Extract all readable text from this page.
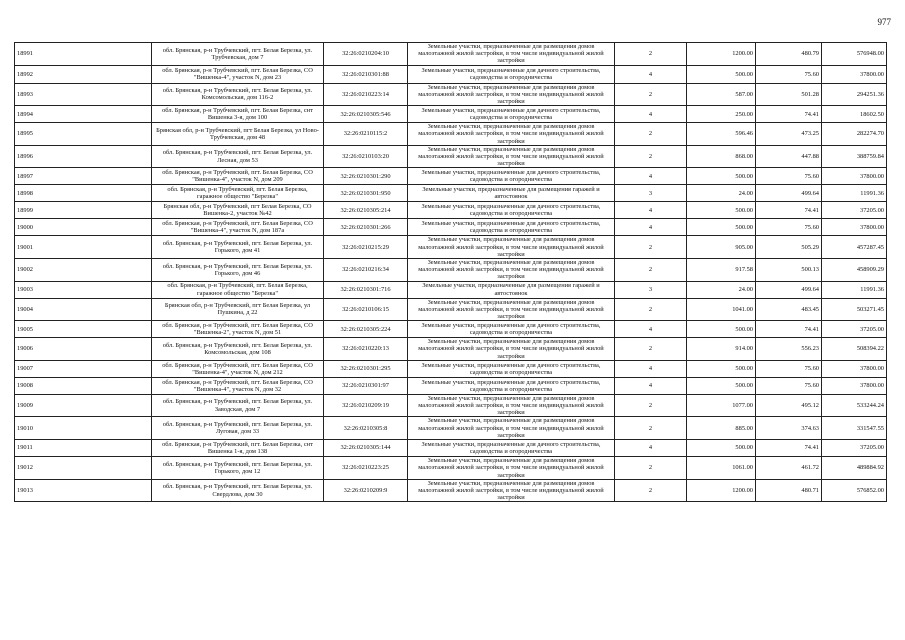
977
18991	обл. Брянская, р-н Трубчевский, пгт. Белая Березка, ул. Трубчевская, дом 7	32:26:0210204:10	Земельные участки, предназначенные для размещения домов малоэтажной жилой застройки, в том числе индивидуальной жилой застройки	2	1200.00	480.79	576948.00
18992	обл. Брянская, р-н Трубчевский, пгт. Белая Березка, СО "Вишенка-4", участок N, дом 23	32:26:0210301:88	Земельные участки, предназначенные для дачного строительства, садоводства и огородничества	4	500.00	75.60	37800.00
18993	обл. Брянская, р-н Трубчевский, пгт. Белая Березка, ул. Комсомольская, дом 116-2	32:26:0210223:14	Земельные участки, предназначенные для размещения домов малоэтажной жилой застройки, в том числе индивидуальной жилой застройки	2	587.00	501.28	294251.36
18994	обл. Брянская, р-н Трубчевский, пгт. Белая Березка, снт Вишенка 3-я, дом 100	32:26:0210305:546	Земельные участки, предназначенные для дачного строительства, садоводства и огородничества	4	250.00	74.41	18602.50
18995	Брянская обл, р-н Трубчевский, пгт Белая Березка, ул Ново-Трубчевская, дом 48	32:26:0210115:2	Земельные участки, предназначенные для размещения домов малоэтажной жилой застройки, в том числе индивидуальной жилой застройки	2	596.46	473.25	282274.70
18996	обл. Брянская, р-н Трубчевский, пгт. Белая Березка, ул. Лесная, дом 53	32:26:0210103:20	Земельные участки, предназначенные для размещения домов малоэтажной жилой застройки, в том числе индивидуальной жилой застройки	2	868.00	447.88	388759.84
18997	обл. Брянская, р-н Трубчевский, пгт. Белая Березка, СО "Вишенка-4", участок N, дом 209	32:26:0210301:290	Земельные участки, предназначенные для дачного строительства, садоводства и огородничества	4	500.00	75.60	37800.00
18998	обл. Брянская, р-н Трубчевский, пгт. Белая Березка, гаражное общество "Березка"	32:26:0210301:950	Земельные участки, предназначенные для размещения гаражей и автостоянок	3	24.00	499.64	11991.36
18999	Брянская обл, р-н Трубчевский, пгт Белая Березка, СО Вишенка-2, участок №42	32:26:0210305:214	Земельные участки, предназначенные для дачного строительства, садоводства и огородничества	4	500.00	74.41	37205.00
19000	обл. Брянская, р-н Трубчевский, пгт. Белая Березка, СО "Вишенка-4", участок N, дом 187а	32:26:0210301:266	Земельные участки, предназначенные для дачного строительства, садоводства и огородничества	4	500.00	75.60	37800.00
19001	обл. Брянская, р-н Трубчевский, пгт. Белая Березка, ул. Горького, дом 41	32:26:0210215:29	Земельные участки, предназначенные для размещения домов малоэтажной жилой застройки, в том числе индивидуальной жилой застройки	2	905.00	505.29	457287.45
19002	обл. Брянская, р-н Трубчевский, пгт. Белая Березка, ул. Горького, дом 46	32:26:0210216:34	Земельные участки, предназначенные для размещения домов малоэтажной жилой застройки, в том числе индивидуальной жилой застройки	2	917.58	500.13	458909.29
19003	обл. Брянская, р-н Трубчевский, пгт. Белая Березка, гаражное общество "Березка"	32:26:0210301:716	Земельные участки, предназначенные для размещения гаражей и автостоянок	3	24.00	499.64	11991.36
19004	Брянская обл, р-н Трубчевский, пгт Белая Березка, ул Пушкина, д 22	32:26:0210106:15	Земельные участки, предназначенные для размещения домов малоэтажной жилой застройки, в том числе индивидуальной жилой застройки	2	1041.00	483.45	503271.45
19005	обл. Брянская, р-н Трубчевский, пгт. Белая Березка, СО "Вишенка-2", участок N, дом 51	32:26:0210305:224	Земельные участки, предназначенные для дачного строительства, садоводства и огородничества	4	500.00	74.41	37205.00
19006	обл. Брянская, р-н Трубчевский, пгт. Белая Березка, ул. Комсомольская, дом 108	32:26:0210220:13	Земельные участки, предназначенные для размещения домов малоэтажной жилой застройки, в том числе индивидуальной жилой застройки	2	914.00	556.23	508394.22
19007	обл. Брянская, р-н Трубчевский, пгт. Белая Березка, СО "Вишенка-4", участок N, дом 212	32:26:0210301:295	Земельные участки, предназначенные для дачного строительства, садоводства и огородничества	4	500.00	75.60	37800.00
19008	обл. Брянская, р-н Трубчевский, пгт. Белая Березка, СО "Вишенка-4", участок N, дом 32	32:26:0210301:97	Земельные участки, предназначенные для дачного строительства, садоводства и огородничества	4	500.00	75.60	37800.00
19009	обл. Брянская, р-н Трубчевский, пгт. Белая Березка, ул. Заводская, дом 7	32:26:0210209:19	Земельные участки, предназначенные для размещения домов малоэтажной жилой застройки, в том числе индивидуальной жилой застройки	2	1077.00	495.12	533244.24
19010	обл. Брянская, р-н Трубчевский, пгт. Белая Березка, ул. Луговая, дом 33	32:26:0210305:8	Земельные участки, предназначенные для размещения домов малоэтажной жилой застройки, в том числе индивидуальной жилой застройки	2	885.00	374.63	331547.55
19011	обл. Брянская, р-н Трубчевский, пгт. Белая Березка, снт Вишенка 1-я, дом 138	32:26:0210305:144	Земельные участки, предназначенные для дачного строительства, садоводства и огородничества	4	500.00	74.41	37205.00
19012	обл. Брянская, р-н Трубчевский, пгт. Белая Березка, ул. Горького, дом 12	32:26:0210223:25	Земельные участки, предназначенные для размещения домов малоэтажной жилой застройки, в том числе индивидуальной жилой застройки	2	1061.00	461.72	489884.92
19013	обл. Брянская, р-н Трубчевский, пгт. Белая Березка, ул. Свердлова, дом 30	32:26:0210209:9	Земельные участки, предназначенные для размещения домов малоэтажной жилой застройки, в том числе индивидуальной жилой застройки	2	1200.00	480.71	576852.00
